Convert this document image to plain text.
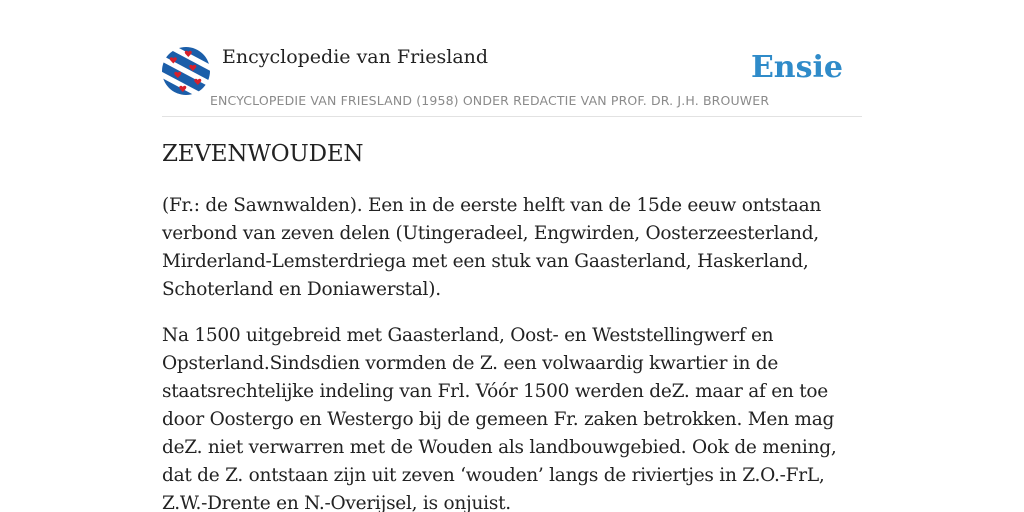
Encyclopedie van Friesland
ENCYCLOPEDIE VAN FRIESLAND (1958) ONDER REDACTIE VAN PROF. DR. J.H. BROUWER
Ensie
ZEVENWOUDEN

(Fr.: de Sawnwalden). Een in de eerste helft van de 15de eeuw ontstaan verbond van zeven delen (Utingeradeel, Engwirden, Oosterzeesterland, Mirderland-Lemsterdriega met een stuk van Gaasterland, Haskerland, Schoterland en Doniawerstal).

Na 1500 uitgebreid met Gaasterland, Oost- en Weststellingwerf en Opsterland.Sindsdien vormden de Z. een volwaardig kwartier in de staatsrechtelijke indeling van Frl. Vóór 1500 werden deZ. maar af en toe door Oostergo en Westergo bij de gemeen Fr. zaken betrokken. Men mag deZ. niet verwarren met de Wouden als landbouwgebied. Ook de mening, dat de Z. ontstaan zijn uit zeven ‘wouden’ langs de riviertjes in Z.O.-FrL, Z.W.-Drente en N.-Overijsel, is onjuist.
